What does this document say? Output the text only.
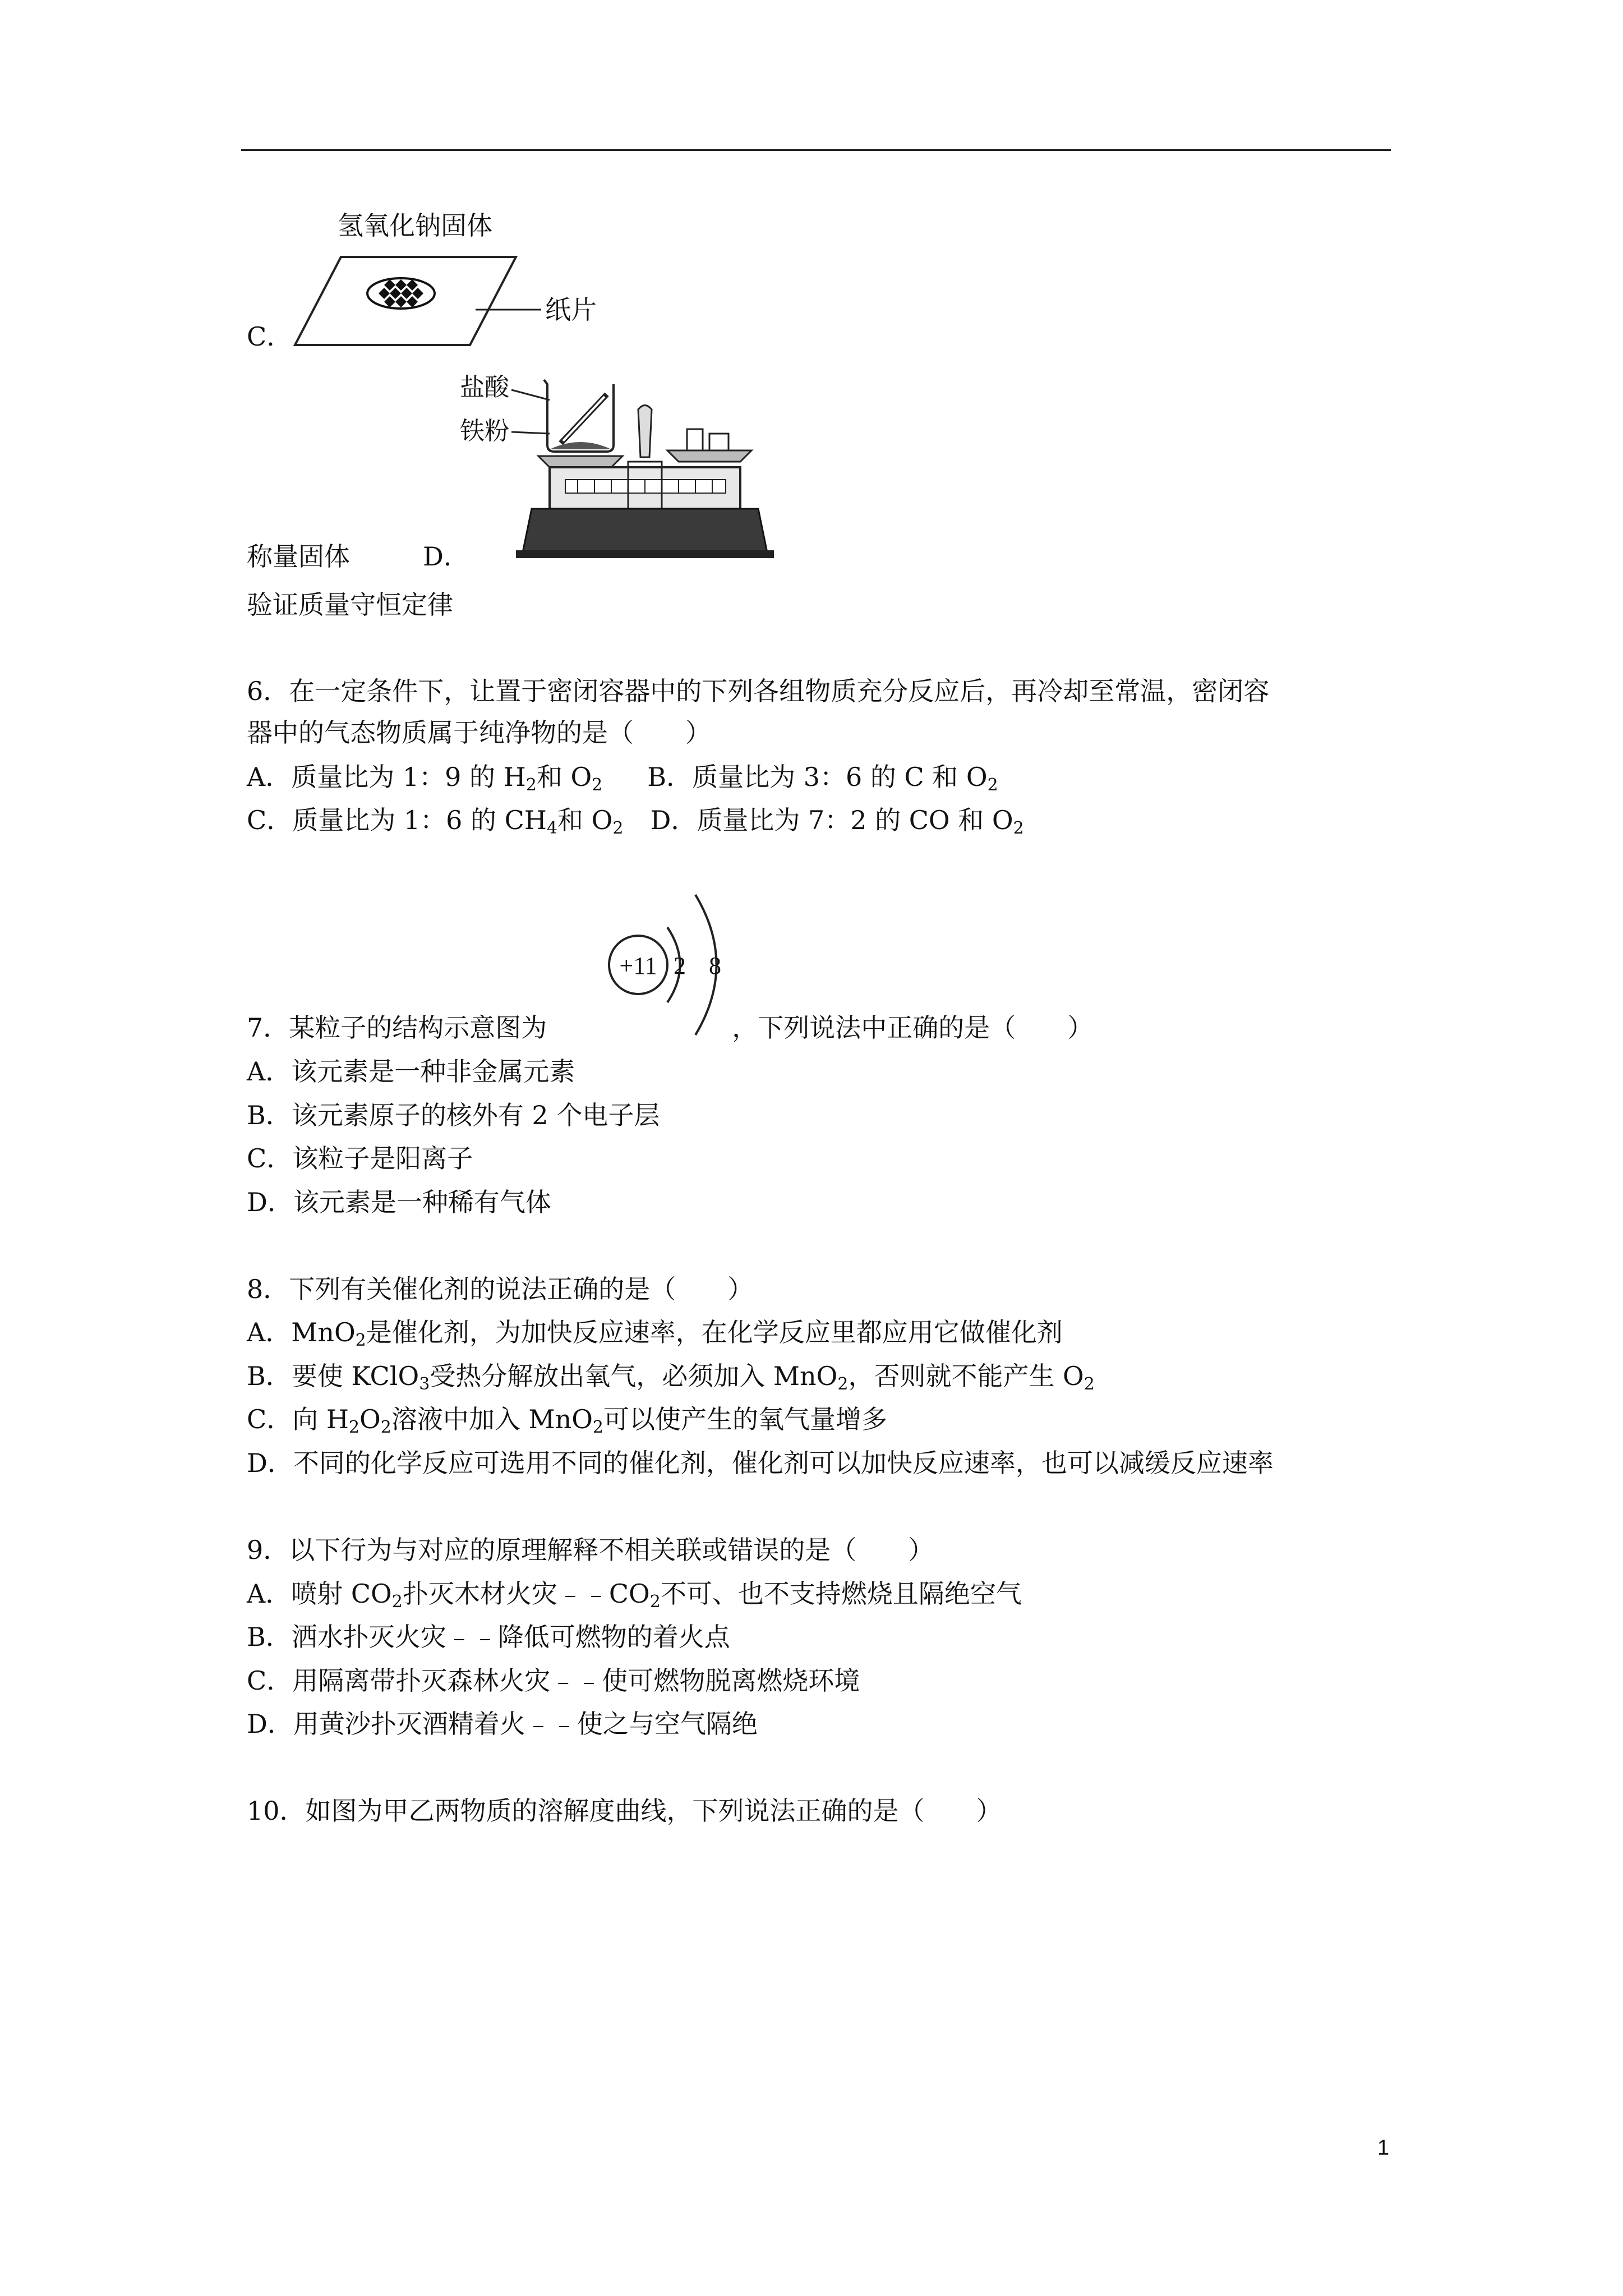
氢氧化钠固体
纸片
C．
盐酸
铁粉
称量固体	D．
验证质量守恒定律
6．在一定条件下，让置于密闭容器中的下列各组物质充分反应后，再冷却至常温，密闭容
器中的气态物质属于纯净物的是（　　）
A．质量比为 1：9 的 $H_2$和 $O_2$ B．质量比为 3：6 的 C 和 $O_2$
C．质量比为 1：6 的 $CH_4$和 $O_2$ D．质量比为 7：2 的 CO 和 $O_2$
+11 2 8
7．某粒子的结构示意图为	，下列说法中正确的是（　　）
A．该元素是一种非金属元素
B．该元素原子的核外有 2 个电子层
C．该粒子是阳离子
D．该元素是一种稀有气体
8．下列有关催化剂的说法正确的是（　　）
A．MnO$_2$是催化剂，为加快反应速率，在化学反应里都应用它做催化剂
B．要使 KClO$_3$受热分解放出氧气，必须加入 MnO$_2$，否则就不能产生 $O_2$
C．向 $H_2O_2$溶液中加入 MnO$_2$可以使产生的氧气量增多
D．不同的化学反应可选用不同的催化剂，催化剂可以加快反应速率，也可以减缓反应速率
9．以下行为与对应的原理解释不相关联或错误的是（　　）
A．喷射 $CO_2$扑灭木材火灾$﹣﹣CO_2$不可、也不支持燃烧且隔绝空气
B．洒水扑灭火灾﹣﹣降低可燃物的着火点
C．用隔离带扑灭森林火灾﹣﹣使可燃物脱离燃烧环境
D．用黄沙扑灭酒精着火﹣﹣使之与空气隔绝
10．如图为甲乙两物质的溶解度曲线，下列说法正确的是（　　）
1
